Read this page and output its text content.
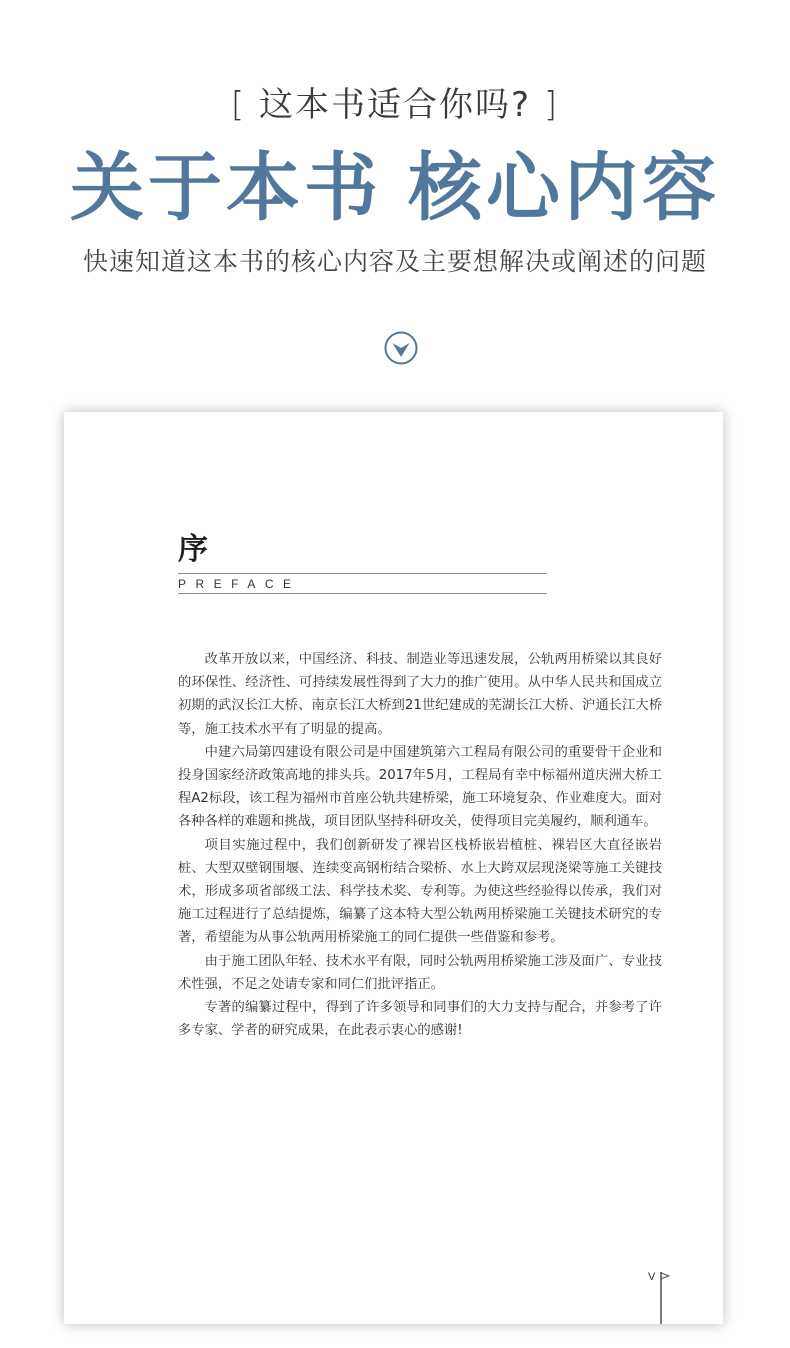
[ 这本书适合你吗? ]
关于本书 核心内容
快速知道这本书的核心内容及主要想解决或阐述的问题
序
PREFACE

改革开放以来，中国经济、科技、制造业等迅速发展，公轨两用桥梁以其良好的环保性、经济性、可持续发展性得到了大力的推广使用。从中华人民共和国成立初期的武汉长江大桥、南京长江大桥到21世纪建成的芜湖长江大桥、沪通长江大桥等，施工技术水平有了明显的提高。

中建六局第四建设有限公司是中国建筑第六工程局有限公司的重要骨干企业和投身国家经济政策高地的排头兵。2017年5月，工程局有幸中标福州道庆洲大桥工程A2标段，该工程为福州市首座公轨共建桥梁，施工环境复杂、作业难度大。面对各种各样的难题和挑战，项目团队坚持科研攻关，使得项目完美履约，顺利通车。

项目实施过程中，我们创新研发了裸岩区栈桥嵌岩植桩、裸岩区大直径嵌岩桩、大型双壁钢围堰、连续变高钢桁结合梁桥、水上大跨双层现浇梁等施工关键技术，形成多项省部级工法、科学技术奖、专利等。为使这些经验得以传承，我们对施工过程进行了总结提炼，编纂了这本特大型公轨两用桥梁施工关键技术研究的专著，希望能为从事公轨两用桥梁施工的同仁提供一些借鉴和参考。

由于施工团队年轻、技术水平有限，同时公轨两用桥梁施工涉及面广、专业技术性强，不足之处请专家和同仁们批评指正。

专著的编纂过程中，得到了许多领导和同事们的大力支持与配合，并参考了许多专家、学者的研究成果，在此表示衷心的感谢!

V
